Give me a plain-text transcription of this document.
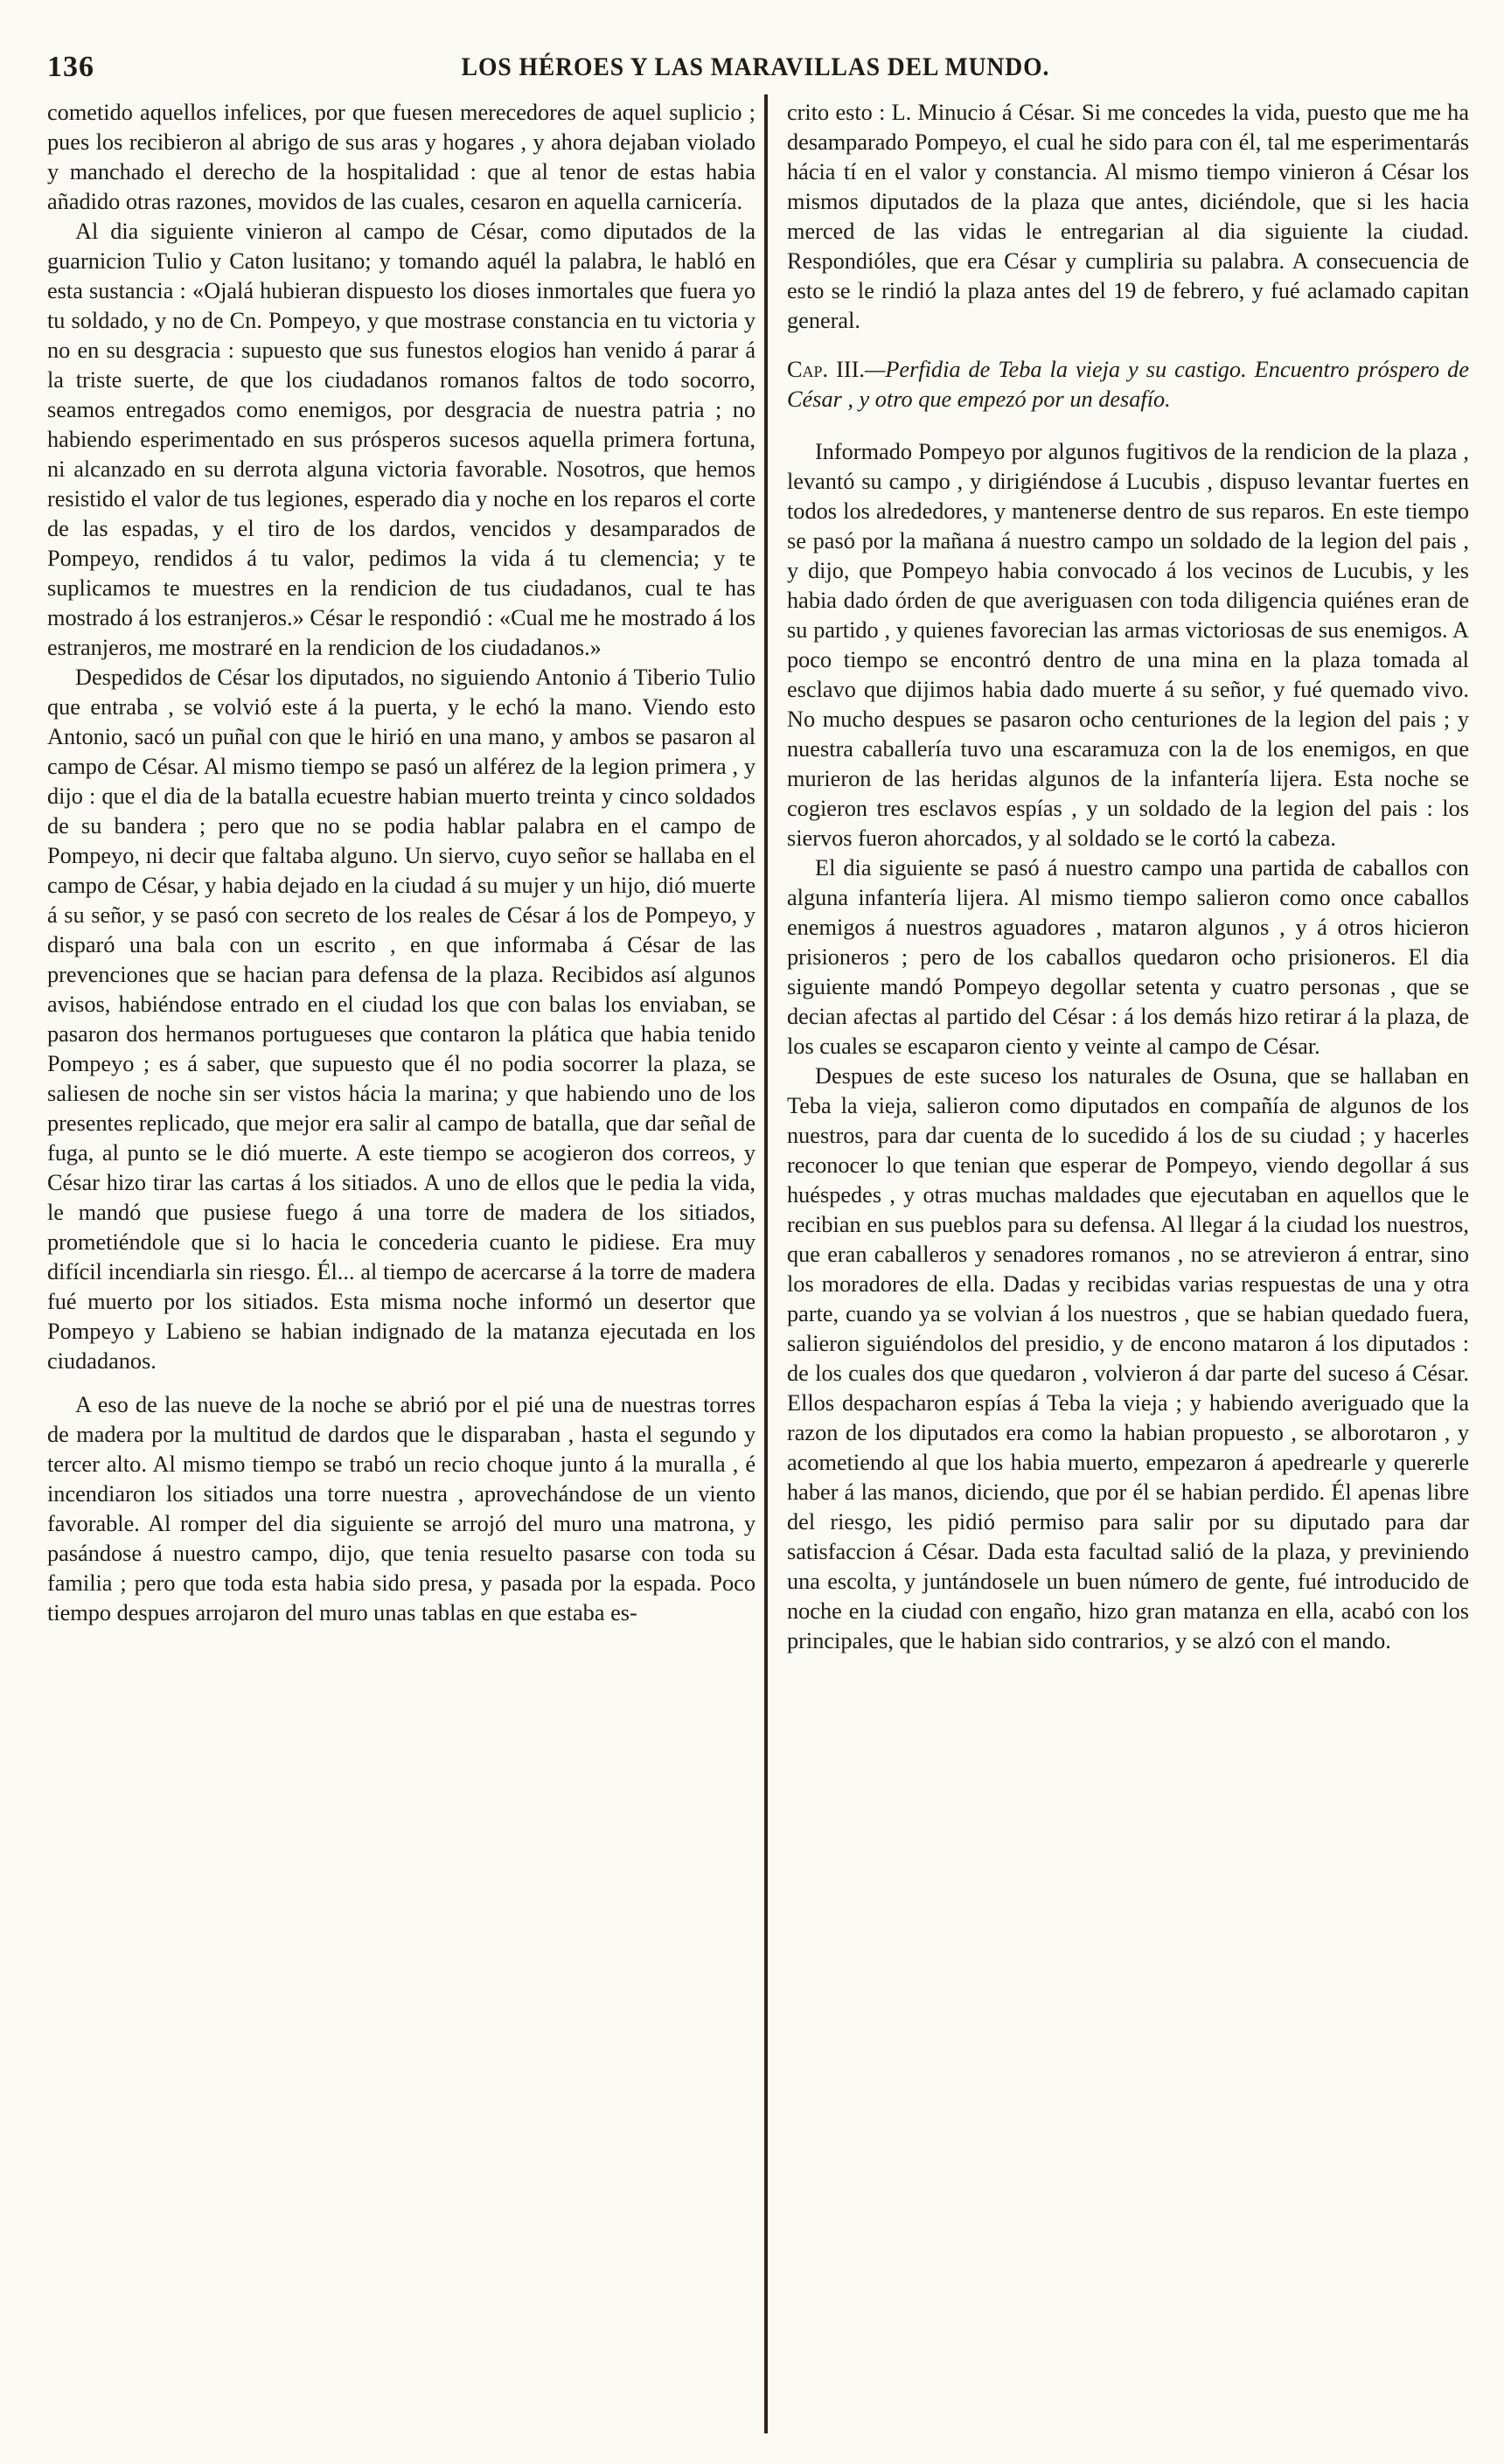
136	LOS HÉROES Y LAS MARAVILLAS DEL MUNDO.

cometido aquellos infelices, por que fuesen merecedores de aquel suplicio ; pues los recibieron al abrigo de sus aras y hogares , y ahora dejaban violado y manchado el derecho de la hospitalidad : que al tenor de estas habia añadido otras razones, movidos de las cuales, cesaron en aquella carnicería.

Al dia siguiente vinieron al campo de César, como diputados de la guarnicion Tulio y Caton lusitano; y tomando aquél la palabra, le habló en esta sustancia : «Ojalá hubieran dispuesto los dioses inmortales que fuera yo tu soldado, y no de Cn. Pompeyo, y que mostrase constancia en tu victoria y no en su desgracia : supuesto que sus funestos elogios han venido á parar á la triste suerte, de que los ciudadanos romanos faltos de todo socorro, seamos entregados como enemigos, por desgracia de nuestra patria ; no habiendo esperimentado en sus prósperos sucesos aquella primera fortuna, ni alcanzado en su derrota alguna victoria favorable. Nosotros, que hemos resistido el valor de tus legiones, esperado dia y noche en los reparos el corte de las espadas, y el tiro de los dardos, vencidos y desamparados de Pompeyo, rendidos á tu valor, pedimos la vida á tu clemencia; y te suplicamos te muestres en la rendicion de tus ciudadanos, cual te has mostrado á los estranjeros.» César le respondió : «Cual me he mostrado á los estranjeros, me mostraré en la rendicion de los ciudadanos.»

Despedidos de César los diputados, no siguiendo Antonio á Tiberio Tulio que entraba , se volvió este á la puerta, y le echó la mano. Viendo esto Antonio, sacó un puñal con que le hirió en una mano, y ambos se pasaron al campo de César. Al mismo tiempo se pasó un alférez de la legion primera , y dijo : que el dia de la batalla ecuestre habian muerto treinta y cinco soldados de su bandera ; pero que no se podia hablar palabra en el campo de Pompeyo, ni decir que faltaba alguno. Un siervo, cuyo señor se hallaba en el campo de César, y habia dejado en la ciudad á su mujer y un hijo, dió muerte á su señor, y se pasó con secreto de los reales de César á los de Pompeyo, y disparó una bala con un escrito , en que informaba á César de las prevenciones que se hacian para defensa de la plaza. Recibidos así algunos avisos, habiéndose entrado en el ciudad los que con balas los enviaban, se pasaron dos hermanos portugueses que contaron la plática que habia tenido Pompeyo ; es á saber, que supuesto que él no podia socorrer la plaza, se saliesen de noche sin ser vistos hácia la marina; y que habiendo uno de los presentes replicado, que mejor era salir al campo de batalla, que dar señal de fuga, al punto se le dió muerte. A este tiempo se acogieron dos correos, y César hizo tirar las cartas á los sitiados. A uno de ellos que le pedia la vida, le mandó que pusiese fuego á una torre de madera de los sitiados, prometiéndole que si lo hacia le concederia cuanto le pidiese. Era muy difícil incendiarla sin riesgo. Él... al tiempo de acercarse á la torre de madera fué muerto por los sitiados. Esta misma noche informó un desertor que Pompeyo y Labieno se habian indignado de la matanza ejecutada en los ciudadanos.

A eso de las nueve de la noche se abrió por el pié una de nuestras torres de madera por la multitud de dardos que le disparaban , hasta el segundo y tercer alto. Al mismo tiempo se trabó un recio choque junto á la muralla , é incendiaron los sitiados una torre nuestra , aprovechándose de un viento favorable. Al romper del dia siguiente se arrojó del muro una matrona, y pasándose á nuestro campo, dijo, que tenia resuelto pasarse con toda su familia ; pero que toda esta habia sido presa, y pasada por la espada. Poco tiempo despues arrojaron del muro unas tablas en que estaba es-

crito esto : L. Minucio á César. Si me concedes la vida, puesto que me ha desamparado Pompeyo, el cual he sido para con él, tal me esperimentarás hácia tí en el valor y constancia. Al mismo tiempo vinieron á César los mismos diputados de la plaza que antes, diciéndole, que si les hacia merced de las vidas le entregarian al dia siguiente la ciudad. Respondióles, que era César y cumpliria su palabra. A consecuencia de esto se le rindió la plaza antes del 19 de febrero, y fué aclamado capitan general.

Cap. III.—Perfidia de Teba la vieja y su castigo. Encuentro próspero de César , y otro que empezó por un desafío.

Informado Pompeyo por algunos fugitivos de la rendicion de la plaza , levantó su campo , y dirigiéndose á Lucubis , dispuso levantar fuertes en todos los alrededores, y mantenerse dentro de sus reparos. En este tiempo se pasó por la mañana á nuestro campo un soldado de la legion del pais , y dijo, que Pompeyo habia convocado á los vecinos de Lucubis, y les habia dado órden de que averiguasen con toda diligencia quiénes eran de su partido , y quienes favorecian las armas victoriosas de sus enemigos. A poco tiempo se encontró dentro de una mina en la plaza tomada al esclavo que dijimos habia dado muerte á su señor, y fué quemado vivo. No mucho despues se pasaron ocho centuriones de la legion del pais ; y nuestra caballería tuvo una escaramuza con la de los enemigos, en que murieron de las heridas algunos de la infantería lijera. Esta noche se cogieron tres esclavos espías , y un soldado de la legion del pais : los siervos fueron ahorcados, y al soldado se le cortó la cabeza.

El dia siguiente se pasó á nuestro campo una partida de caballos con alguna infantería lijera. Al mismo tiempo salieron como once caballos enemigos á nuestros aguadores , mataron algunos , y á otros hicieron prisioneros ; pero de los caballos quedaron ocho prisioneros. El dia siguiente mandó Pompeyo degollar setenta y cuatro personas , que se decian afectas al partido del César : á los demás hizo retirar á la plaza, de los cuales se escaparon ciento y veinte al campo de César.

Despues de este suceso los naturales de Osuna, que se hallaban en Teba la vieja, salieron como diputados en compañía de algunos de los nuestros, para dar cuenta de lo sucedido á los de su ciudad ; y hacerles reconocer lo que tenian que esperar de Pompeyo, viendo degollar á sus huéspedes , y otras muchas maldades que ejecutaban en aquellos que le recibian en sus pueblos para su defensa. Al llegar á la ciudad los nuestros, que eran caballeros y senadores romanos , no se atrevieron á entrar, sino los moradores de ella. Dadas y recibidas varias respuestas de una y otra parte, cuando ya se volvian á los nuestros , que se habian quedado fuera, salieron siguiéndolos del presidio, y de encono mataron á los diputados : de los cuales dos que quedaron , volvieron á dar parte del suceso á César. Ellos despacharon espías á Teba la vieja ; y habiendo averiguado que la razon de los diputados era como la habian propuesto , se alborotaron , y acometiendo al que los habia muerto, empezaron á apedrearle y quererle haber á las manos, diciendo, que por él se habian perdido. Él apenas libre del riesgo, les pidió permiso para salir por su diputado para dar satisfaccion á César. Dada esta facultad salió de la plaza, y previniendo una escolta, y juntándosele un buen número de gente, fué introducido de noche en la ciudad con engaño, hizo gran matanza en ella, acabó con los principales, que le habian sido contrarios, y se alzó con el mando.
